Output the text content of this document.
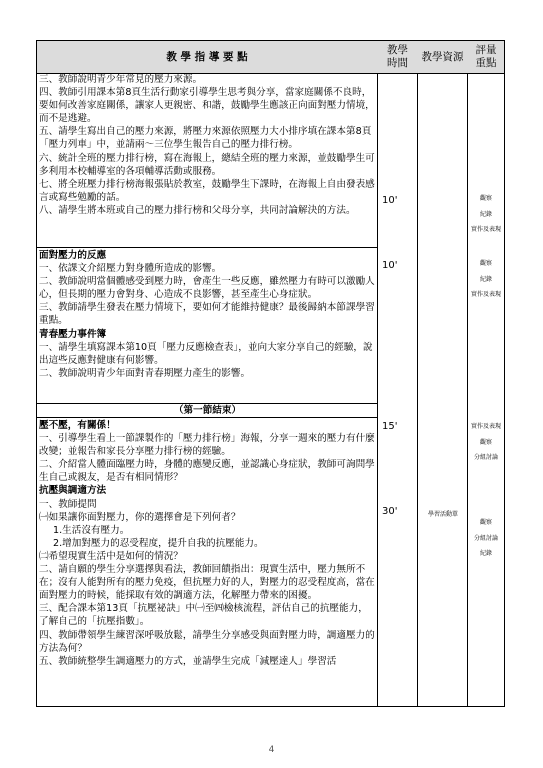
教 學 指 導 要 點
教學時間
教學資源
評量重點

三、教師說明青少年常見的壓力來源。

四、教師引用課本第8頁生活行動家引導學生思考與分享，當家庭關係不良時，要如何改善家庭關係，讓家人更親密、和諧，鼓勵學生應該正向面對壓力情境，而不是逃避。

五、請學生寫出自己的壓力來源，將壓力來源依照壓力大小排序填在課本第8頁「壓力列車」中，並請兩～三位學生報告自己的壓力排行榜。

六、統計全班的壓力排行榜，寫在海報上，總結全班的壓力來源，並鼓勵學生可多利用本校輔導室的各項輔導活動或服務。

七、將全班壓力排行榜海報張貼於教室，鼓勵學生下課時，在海報上自由發表感言或寫些勉勵的話。

八、請學生將本班或自己的壓力排行榜和父母分享，共同討論解決的方法。

面對壓力的反應

一、依課文介紹壓力對身體所造成的影響。

二、教師說明當個體感受到壓力時，會產生一些反應，雖然壓力有時可以激勵人心，但長期的壓力會對身、心造成不良影響，甚至產生心身症狀。

三、教師請學生發表在壓力情境下，要如何才能維持健康？最後歸納本節課學習重點。

青春壓力事件簿

一、請學生填寫課本第10頁「壓力反應檢查表」，並向大家分享自己的經驗，說出這些反應對健康有何影響。

二、教師說明青少年面對青春期壓力產生的影響。

（第一節結束）

壓不壓，有關係！

一、引導學生看上一節課製作的「壓力排行榜」海報，分享一週來的壓力有什麼改變；並報告和家長分享壓力排行榜的經驗。

二、介紹當人體面臨壓力時，身體的應變反應，並認識心身症狀，教師可詢問學生自己或親友，是否有相同情形？

抗壓與調適方法

一、教師提問

㈠如果讓你面對壓力，你的選擇會是下列何者？

1.生活沒有壓力。

2.增加對壓力的忍受程度，提升自我的抗壓能力。

㈡希望現實生活中是如何的情況？

二、請自願的學生分享選擇與看法，教師回饋指出：現實生活中，壓力無所不在；沒有人能對所有的壓力免疫，但抗壓力好的人，對壓力的忍受程度高，當在面對壓力的時候，能採取有效的調適方法，化解壓力帶來的困擾。

三、配合課本第13頁「抗壓祕訣」中㈠至㈣檢核流程，評估自己的抗壓能力，了解自己的「抗壓指數」。

四、教師帶領學生練習深呼吸放鬆，請學生分享感受與面對壓力時，調適壓力的方法為何？

五、教師統整學生調適壓力的方式，並請學生完成「減壓達人」學習活

10'
10'
15'
30'	學習活動單
觀察
紀錄
實作及表現
觀察
紀錄
實作及表現
實作及表現
觀察
分組討論
觀察
分組討論
紀錄
4
